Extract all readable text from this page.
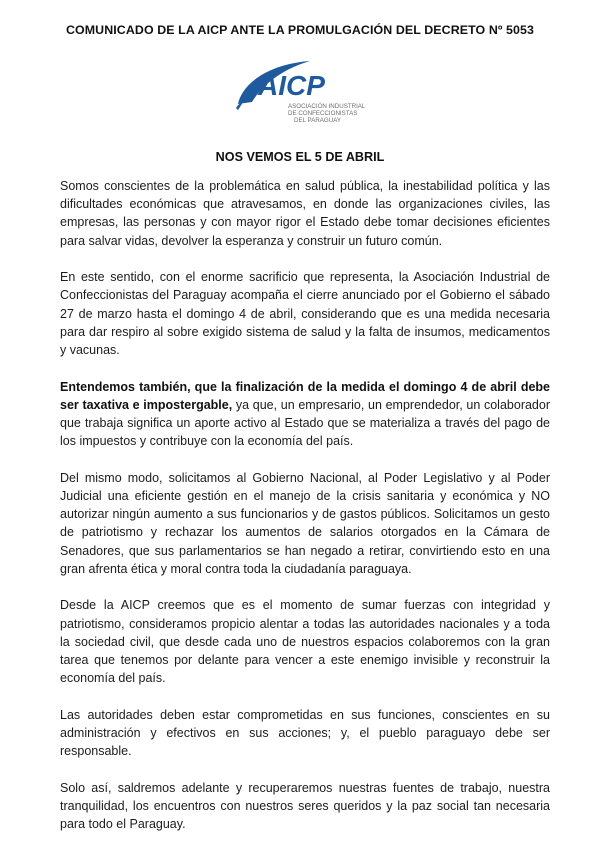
COMUNICADO DE LA AICP ANTE LA PROMULGACIÓN DEL DECRETO Nº 5053
AICP
ASOCIACIÓN INDUSTRIAL
DE CONFECCIONISTAS
DEL PARAGUAY
NOS VEMOS EL 5 DE ABRIL

Somos conscientes de la problemática en salud pública, la inestabilidad política y las dificultades económicas que atravesamos, en donde las organizaciones civiles, las empresas, las personas y con mayor rigor el Estado debe tomar decisiones eficientes para salvar vidas, devolver la esperanza y construir un futuro común.

En este sentido, con el enorme sacrificio que representa, la Asociación Industrial de Confeccionistas del Paraguay acompaña el cierre anunciado por el Gobierno el sábado 27 de marzo hasta el domingo 4 de abril, considerando que es una medida necesaria para dar respiro al sobre exigido sistema de salud y la falta de insumos, medicamentos y vacunas.

Entendemos también, que la finalización de la medida el domingo 4 de abril debe ser taxativa e impostergable, ya que, un empresario, un emprendedor, un colaborador que trabaja significa un aporte activo al Estado que se materializa a través del pago de los impuestos y contribuye con la economía del país.

Del mismo modo, solicitamos al Gobierno Nacional, al Poder Legislativo y al Poder Judicial una eficiente gestión en el manejo de la crisis sanitaria y económica y NO autorizar ningún aumento a sus funcionarios y de gastos públicos. Solicitamos un gesto de patriotismo y rechazar los aumentos de salarios otorgados en la Cámara de Senadores, que sus parlamentarios se han negado a retirar, convirtiendo esto en una gran afrenta ética y moral contra toda la ciudadanía paraguaya.

Desde la AICP creemos que es el momento de sumar fuerzas con integridad y patriotismo, consideramos propicio alentar a todas las autoridades nacionales y a toda la sociedad civil, que desde cada uno de nuestros espacios colaboremos con la gran tarea que tenemos por delante para vencer a este enemigo invisible y reconstruir la economía del país.

Las autoridades deben estar comprometidas en sus funciones, conscientes en su administración y efectivos en sus acciones; y, el pueblo paraguayo debe ser responsable.

Solo así, saldremos adelante y recuperaremos nuestras fuentes de trabajo, nuestra tranquilidad, los encuentros con nuestros seres queridos y la paz social tan necesaria para todo el Paraguay.
